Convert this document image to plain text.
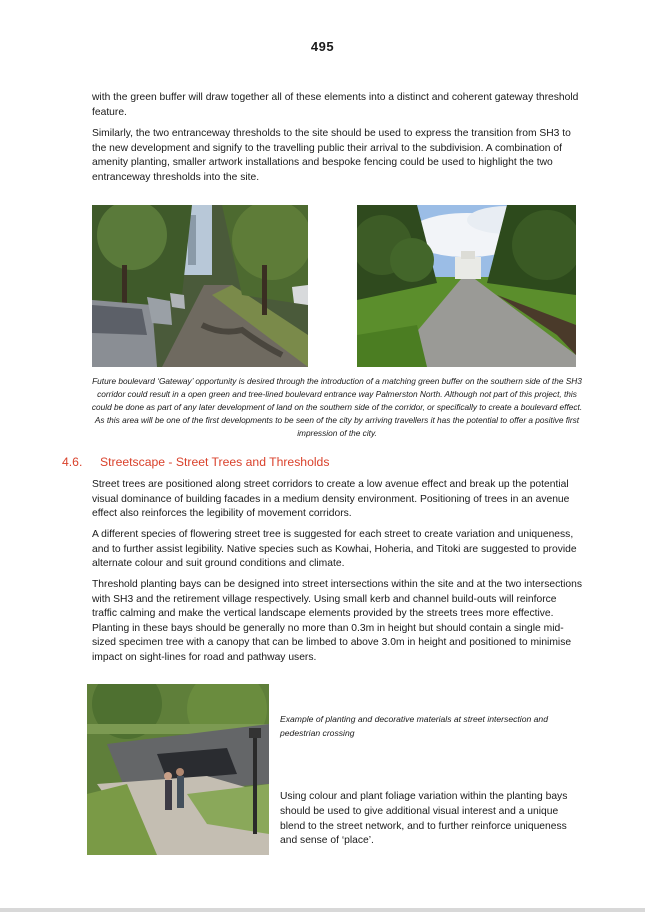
495

with the green buffer will draw together all of these elements into a distinct and coherent gateway threshold feature.

Similarly, the two entranceway thresholds to the site should be used to express the transition from SH3 to the new development and signify to the travelling public their arrival to the subdivision. A combination of amenity planting, smaller artwork installations and bespoke fencing could be used to highlight the two entranceway thresholds into the site.

Future boulevard ‘Gateway’ opportunity is desired through the introduction of a matching green buffer on the southern side of the SH3 corridor could result in a open green and tree-lined boulevard entrance way Palmerston North. Although not part of this project, this could be done as part of any later development of land on the southern side of the corridor, or specifically to create a boulevard effect. As this area will be one of the first developments to be seen of the city by arriving travellers it has the potential to offer a positive first impression of the city.

4.6. Streetscape - Street Trees and Thresholds

Street trees are positioned along street corridors to create a low avenue effect and break up the potential visual dominance of building facades in a medium density environment. Positioning of trees in an avenue effect also reinforces the legibility of movement corridors.

A different species of flowering street tree is suggested for each street to create variation and uniqueness, and to further assist legibility. Native species such as Kowhai, Hoheria, and Titoki are suggested to provide alternate colour and suit ground conditions and climate.

Threshold planting bays can be designed into street intersections within the site and at the two intersections with SH3 and the retirement village respectively. Using small kerb and channel build-outs will reinforce traffic calming and make the vertical landscape elements provided by the streets trees more effective. Planting in these bays should be generally no more than 0.3m in height but should contain a single mid-sized specimen tree with a canopy that can be limbed to above 3.0m in height and positioned to minimise impact on sight-lines for road and pathway users.

Example of planting and decorative materials at street intersection and pedestrian crossing

Using colour and plant foliage variation within the planting bays should be used to give additional visual interest and a unique blend to the street network, and to further reinforce uniqueness and sense of ‘place’.
